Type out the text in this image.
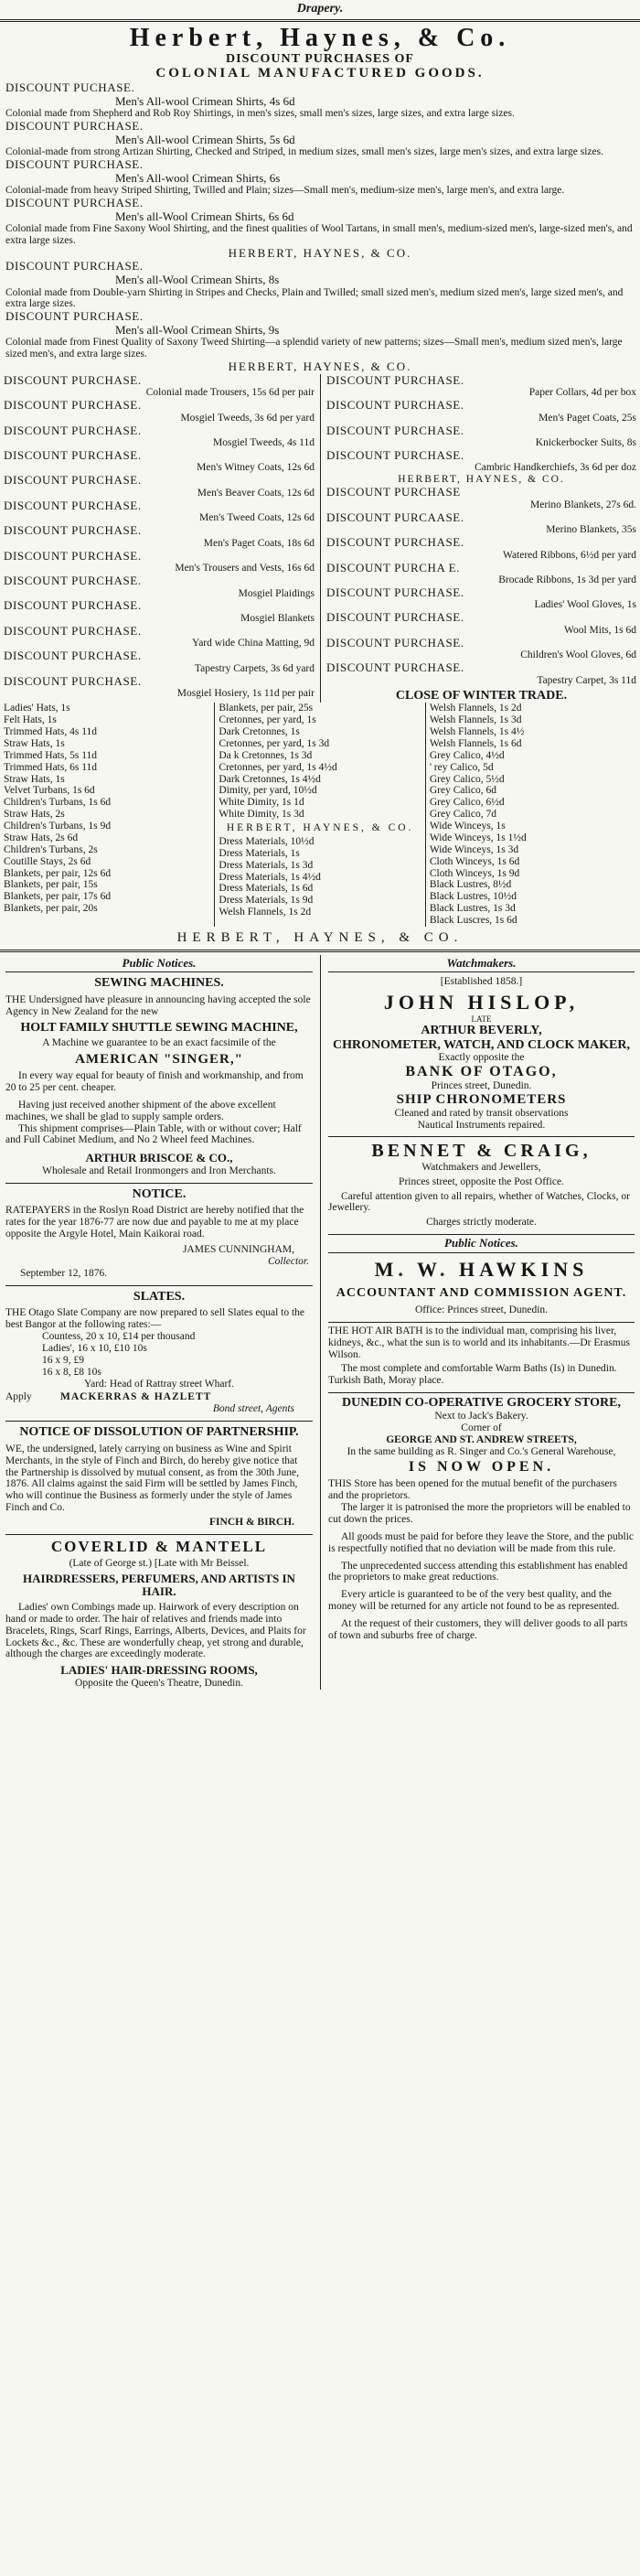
Drapery.
Herbert, Haynes, & Co.
DISCOUNT PURCHASES OF
COLONIAL MANUFACTURED GOODS.
DISCOUNT PUCHASE.
Men's All-wool Crimean Shirts, 4s 6d
Colonial made from Shepherd and Rob Roy Shirtings, in men's sizes, small men's sizes, large sizes, and extra large sizes.
DISCOUNT PURCHASE.
Men's All-wool Crimean Shirts, 5s 6d
Colonial-made from strong Artizan Shirting, Checked and Striped, in medium sizes, small men's sizes, large men's sizes, and extra large sizes.
DISCOUNT PURCHASE.
Men's All-wool Crimean Shirts, 6s
Colonial-made from heavy Striped Shirting, Twilled and Plain; sizes—Small men's, medium-size men's, large men's, and extra large.
DISCOUNT PURCHASE.
Men's all-Wool Crimean Shirts, 6s 6d
Colonial made from Fine Saxony Wool Shirting, and the finest qualities of Wool Tartans, in small men's, medium-sized men's, large-sized men's, and extra large sizes.
HERBERT, HAYNES, & CO.
DISCOUNT PURCHASE.
Men's all-Wool Crimean Shirts, 8s
Colonial made from Double-yarn Shirting in Stripes and Checks, Plain and Twilled; small sized men's, medium sized men's, large sized men's, and extra large sizes.
DISCOUNT PURCHASE.
Men's all-Wool Crimean Shirts, 9s
Colonial made from Finest Quality of Saxony Tweed Shirting—a splendid variety of new patterns; sizes—Small men's, medium sized men's, large sized men's, and extra large sizes.
HERBERT, HAYNES, & CO.
DISCOUNT PURCHASE.
Colonial made Trousers, 15s 6d per pair
DISCOUNT PURCHASE.
Mosgiel Tweeds, 3s 6d per yard
DISCOUNT PURCHASE.
Mosgiel Tweeds, 4s 11d
DISCOUNT PURCHASE.
Men's Witney Coats, 12s 6d
DISCOUNT PURCHASE.
Men's Beaver Coats, 12s 6d
DISCOUNT PURCHASE.
Men's Tweed Coats, 12s 6d
DISCOUNT PURCHASE.
Men's Paget Coats, 18s 6d
DISCOUNT PURCHASE.
Men's Trousers and Vests, 16s 6d
DISCOUNT PURCHASE.
Mosgiel Plaidings
DISCOUNT PURCHASE.
Mosgiel Blankets
DISCOUNT PURCHASE.
Yard wide China Matting, 9d
DISCOUNT PURCHASE.
Tapestry Carpets, 3s 6d yard
DISCOUNT PURCHASE.
Mosgiel Hosiery, 1s 11d per pair
DISCOUNT PURCHASE.
Paper Collars, 4d per box
DISCOUNT PURCHASE.
Men's Paget Coats, 25s
DISCOUNT PURCHASE.
Knickerbocker Suits, 8s
DISCOUNT PURCHASE.
Cambric Handkerchiefs, 3s 6d per doz
HERBERT, HAYNES, & CO.
DISCOUNT PURCHASE
Merino Blankets, 27s 6d.
DISCOUNT PURCAASE.
Merino Blankets, 35s
DISCOUNT PURCHASE.
Watered Ribbons, 6½d per yard
DISCOUNT PURCHA E.
Brocade Ribbons, 1s 3d per yard
DISCOUNT PURCHASE.
Ladies' Wool Gloves, 1s
DISCOUNT PURCHASE.
Wool Mits, 1s 6d
DISCOUNT PURCHASE.
Children's Wool Gloves, 6d
DISCOUNT PURCHASE.
Tapestry Carpet, 3s 11d
CLOSE OF WINTER TRADE.
Ladies' Hats, 1s
Felt Hats, 1s
Trimmed Hats, 4s 11d
Straw Hats, 1s
Trimmed Hats, 5s 11d
Trimmed Hats, 6s 11d
Straw Hats, 1s
Velvet Turbans, 1s 6d
Children's Turbans, 1s 6d
Straw Hats, 2s
Children's Turbans, 1s 9d
Straw Hats, 2s 6d
Children's Turbans, 2s
Coutille Stays, 2s 6d
Blankets, per pair, 12s 6d
Blankets, per pair, 15s
Blankets, per pair, 17s 6d
Blankets, per pair, 20s
Blankets, per pair, 25s
Cretonnes, per yard, 1s
Dark Cretonnes, 1s
Cretonnes, per yard, 1s 3d
Da k Cretonnes, 1s 3d
Cretonnes, per yard, 1s 4½d
Dark Cretonnes, 1s 4½d
Dimity, per yard, 10½d
White Dimity, 1s 1d
White Dimity, 1s 3d
HERBERT, HAYNES, & CO.
Dress Materials, 10½d
Dress Materials, 1s
Dress Materials, 1s 3d
Dress Materials, 1s 4½d
Dress Materials, 1s 6d
Dress Materials, 1s 9d
Welsh Flannels, 1s 2d
Welsh Flannels, 1s 2d
Welsh Flannels, 1s 3d
Welsh Flannels, 1s 4½
Welsh Flannels, 1s 6d
Grey Calico, 4½d
' rey Calico, 5d
Grey Calico, 5½d
Grey Calico, 6d
Grey Calico, 6½d
Grey Calico, 7d
Wide Winceys, 1s
Wide Winceys, 1s 1½d
Wide Winceys, 1s 3d
Cloth Winceys, 1s 6d
Cloth Winceys, 1s 9d
Black Lustres, 8½d
Black Lustres, 10½d
Black Lustres, 1s 3d
Black Luscres, 1s 6d
HERBERT, HAYNES, & CO.
Public Notices.
SEWING MACHINES.

THE Undersigned have pleasure in announcing having accepted the sole Agency in New Zealand for the new

HOLT FAMILY SHUTTLE SEWING MACHINE,

A Machine we guarantee to be an exact facsimile of the

AMERICAN "SINGER,"

In every way equal for beauty of finish and workmanship, and from 20 to 25 per cent. cheaper.

Having just received another shipment of the above excellent machines, we shall be glad to supply sample orders.

This shipment comprises—Plain Table, with or without cover; Half and Full Cabinet Medium, and No 2 Wheel feed Machines.

ARTHUR BRISCOE & CO.,

Wholesale and Retail Ironmongers and Iron Merchants.

NOTICE.

RATEPAYERS in the Roslyn Road District are hereby notified that the rates for the year 1876-77 are now due and payable to me at my place opposite the Argyle Hotel, Main Kaikorai road.

JAMES CUNNINGHAM,
Collector.
September 12, 1876.
SLATES.

THE Otago Slate Company are now prepared to sell Slates equal to the best Bangor at the following rates:—

Countess, 20 x 10, £14 per thousand
Ladies', 16 x 10, £10 10s
16 x 9, £9
16 x 8, £8 10s

Yard: Head of Rattray street Wharf.

Apply	MACKERRAS & HAZLETT
Bond street, Agents
NOTICE OF DISSOLUTION OF PARTNERSHIP.

WE, the undersigned, lately carrying on business as Wine and Spirit Merchants, in the style of Finch and Birch, do hereby give notice that the Partnership is dissolved by mutual consent, as from the 30th June, 1876. All claims against the said Firm will be settled by James Finch, who will continue the Business as formerly under the style of James Finch and Co.

FINCH & BIRCH.
COVERLID & MANTELL

(Late of George st.) [Late with Mr Beissel.

HAIRDRESSERS, PERFUMERS, AND ARTISTS IN HAIR.

Ladies' own Combings made up. Hairwork of every description on hand or made to order. The hair of relatives and friends made into Bracelets, Rings, Scarf Rings, Earrings, Alberts, Devices, and Plaits for Lockets &c., &c. These are wonderfully cheap, yet strong and durable, although the charges are exceedingly moderate.

LADIES' HAIR-DRESSING ROOMS,

Opposite the Queen's Theatre, Dunedin.

Watchmakers.
[Established 1858.]
JOHN HISLOP,
LATE
ARTHUR BEVERLY,
CHRONOMETER, WATCH, AND CLOCK MAKER,
Exactly opposite the
BANK OF OTAGO,
Princes street, Dunedin.
SHIP CHRONOMETERS
Cleaned and rated by transit observations
Nautical Instruments repaired.
BENNET & CRAIG,
Watchmakers and Jewellers,
Princes street, opposite the Post Office.

Careful attention given to all repairs, whether of Watches, Clocks, or Jewellery.

Charges strictly moderate.
Public Notices.
M. W. HAWKINS
ACCOUNTANT AND COMMISSION AGENT.
Office: Princes street, Dunedin.

THE HOT AIR BATH is to the individual man, comprising his liver, kidneys, &c., what the sun is to world and its inhabitants.—Dr Erasmus Wilson.

The most complete and comfortable Warm Baths (Is) in Dunedin. Turkish Bath, Moray place.

DUNEDIN CO-OPERATIVE GROCERY STORE,
Next to Jack's Bakery.
Corner of
GEORGE AND ST. ANDREW STREETS,
In the same building as R. Singer and Co.'s General Warehouse,
IS NOW OPEN.

THIS Store has been opened for the mutual benefit of the purchasers and the proprietors.

The larger it is patronised the more the proprietors will be enabled to cut down the prices.

All goods must be paid for before they leave the Store, and the public is respectfully notified that no deviation will be made from this rule.

The unprecedented success attending this establishment has enabled the proprietors to make great reductions.

Every article is guaranteed to be of the very best quality, and the money will be returned for any article not found to be as represented.

At the request of their customers, they will deliver goods to all parts of town and suburbs free of charge.
